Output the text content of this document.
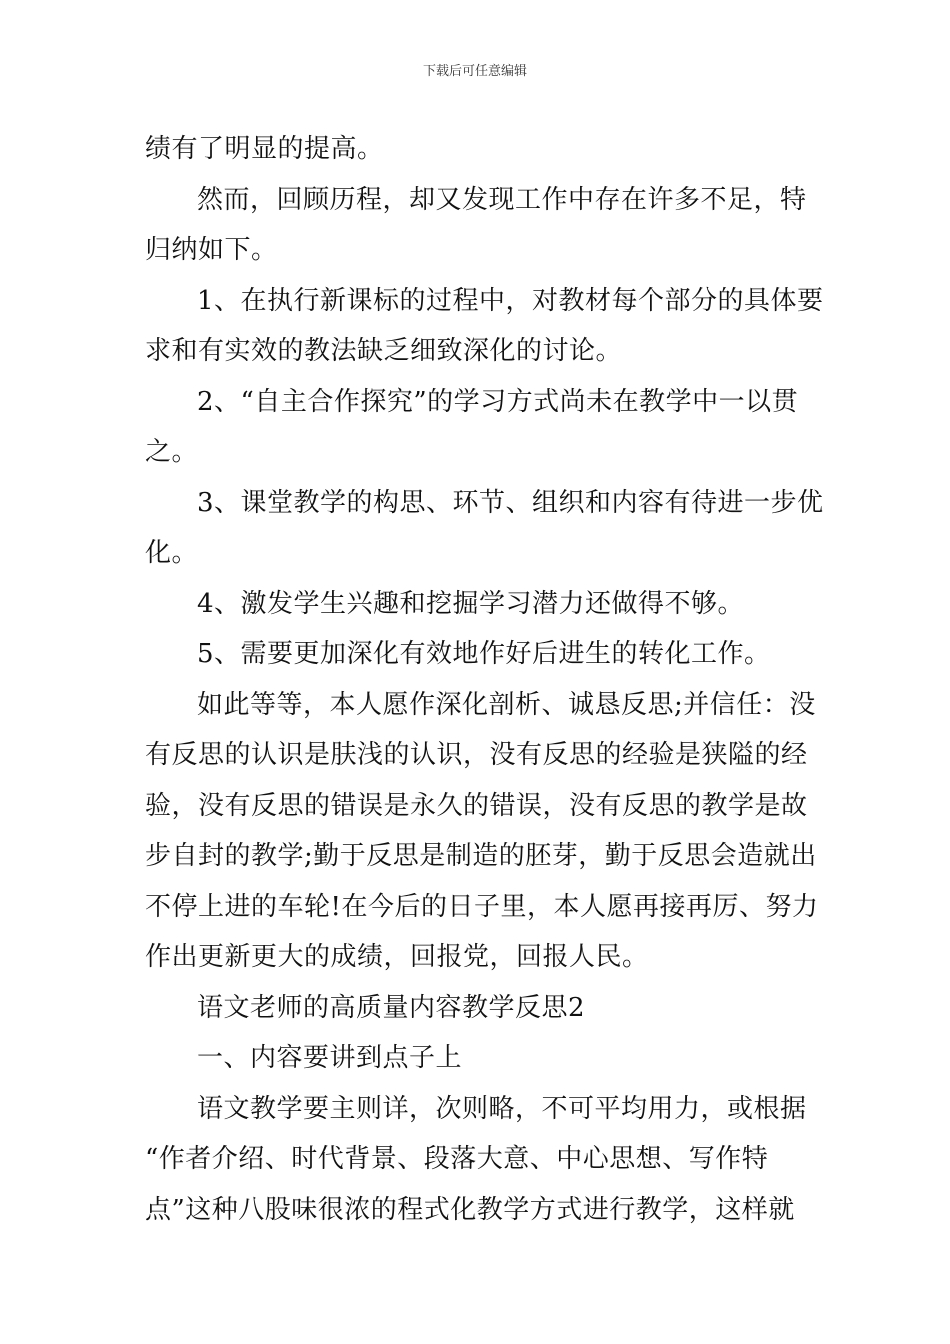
下载后可任意编辑
绩有了明显的提高。
然而，回顾历程，却又发现工作中存在许多不足，特
归纳如下。
1、在执行新课标的过程中，对教材每个部分的具体要
求和有实效的教法缺乏细致深化的讨论。
2、“自主合作探究”的学习方式尚未在教学中一以贯
之。
3、课堂教学的构思、环节、组织和内容有待进一步优
化。
4、激发学生兴趣和挖掘学习潜力还做得不够。
5、需要更加深化有效地作好后进生的转化工作。
如此等等，本人愿作深化剖析、诚恳反思;并信任：没
有反思的认识是肤浅的认识，没有反思的经验是狭隘的经
验，没有反思的错误是永久的错误，没有反思的教学是故
步自封的教学;勤于反思是制造的胚芽，勤于反思会造就出
不停上进的车轮!在今后的日子里，本人愿再接再厉、努力
作出更新更大的成绩，回报党，回报人民。
语文老师的高质量内容教学反思2
一、内容要讲到点子上
语文教学要主则详，次则略，不可平均用力，或根据
“作者介绍、时代背景、段落大意、中心思想、写作特
点”这种八股味很浓的程式化教学方式进行教学，这样就
